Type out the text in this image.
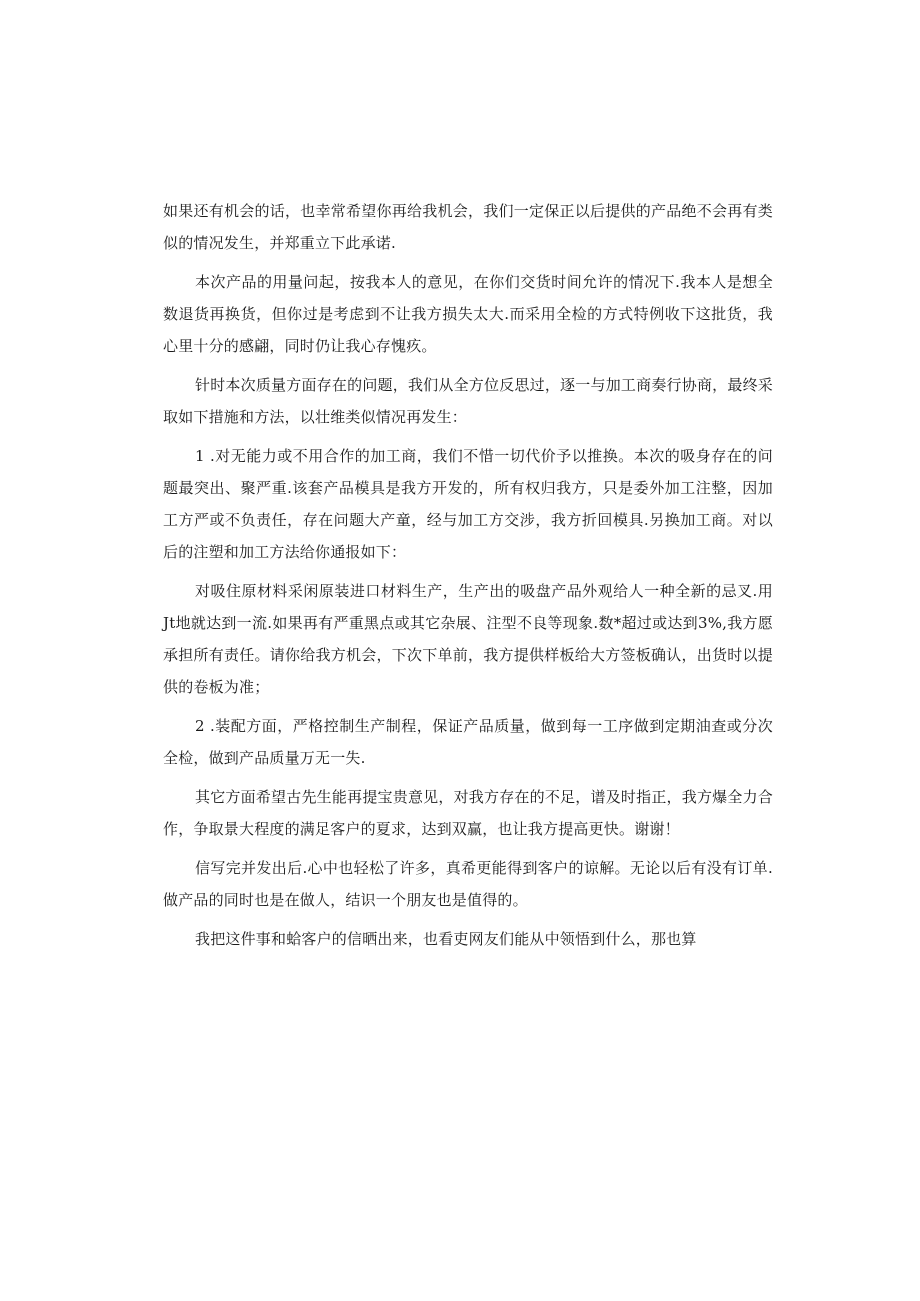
如果还有机会的话，也幸常希望你再给我机会，我们一定保正以后提供的产品绝不会再有类似的情况发生，并郑重立下此承诺.

本次产品的用量问起，按我本人的意见，在你们交货时间允许的情况下.我本人是想全数退货再换货，但你过是考虑到不让我方损失太大.而采用全检的方式特例收下这批货，我心里十分的感翩，同时仍让我心存愧疚。

针时本次质量方面存在的问题，我们从全方位反思过，逐一与加工商奏行协商，最终采取如下措施和方法，以壮维类似情况再发生：

1 .对无能力或不用合作的加工商，我们不惜一切代价予以推换。本次的吸身存在的问题最突出、聚严重.该套产品模具是我方开发的，所有权归我方，只是委外加工注整，因加工方严或不负责任，存在问题大产童，经与加工方交涉，我方折回模具.另换加工商。对以后的注塑和加工方法给你通报如下：

对吸住原材料采闲原装进口材料生产，生产出的吸盘产品外观给人一种全新的忌叉.用Jt地就达到一流.如果再有严重黑点或其它杂展、注型不良等现象.数*超过或达到3%,我方愿承担所有责任。请你给我方机会，下次下单前，我方提供样板给大方签板确认，出货时以提供的卷板为准；

2 .装配方面，严格控制生产制程，保证产品质量，做到每一工序做到定期油查或分次全检，做到产品质量万无一失.

其它方面希望古先生能再提宝贵意见，对我方存在的不足，谱及时指正，我方爆全力合作，争取景大程度的满足客户的夏求，达到双赢，也让我方提高更快。谢谢！

信写完并发出后.心中也轻松了许多，真希更能得到客户的谅解。无论以后有没有订单.做产品的同时也是在做人，结识一个朋友也是值得的。

我把这件事和蛤客户的信晒出来，也看吏网友们能从中领悟到什么，那也算
